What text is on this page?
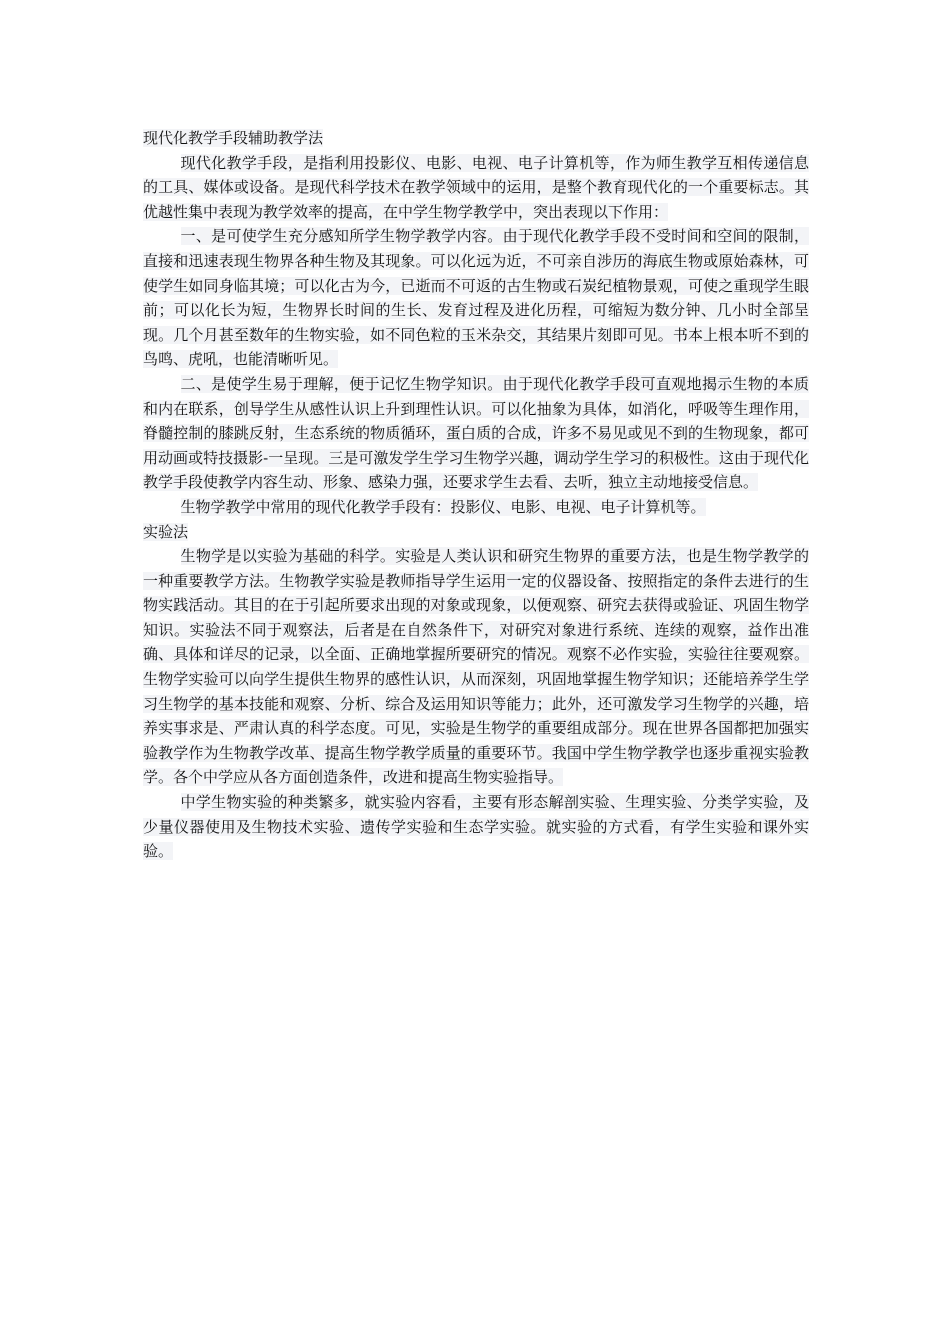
现代化教学手段辅助教学法

现代化教学手段，是指利用投影仪、电影、电视、电子计算机等，作为师生教学互相传递信息的工具、媒体或设备。是现代科学技术在教学领域中的运用，是整个教育现代化的一个重要标志。其优越性集中表现为教学效率的提高，在中学生物学教学中，突出表现以下作用：

一、是可使学生充分感知所学生物学教学内容。由于现代化教学手段不受时间和空间的限制，直接和迅速表现生物界各种生物及其现象。可以化远为近，不可亲自涉历的海底生物或原始森林，可使学生如同身临其境；可以化古为今，已逝而不可返的古生物或石炭纪植物景观，可使之重现学生眼前；可以化长为短，生物界长时间的生长、发育过程及进化历程，可缩短为数分钟、几小时全部呈现。几个月甚至数年的生物实验，如不同色粒的玉米杂交，其结果片刻即可见。书本上根本听不到的鸟鸣、虎吼，也能清晰听见。

二、是使学生易于理解，便于记忆生物学知识。由于现代化教学手段可直观地揭示生物的本质和内在联系，创导学生从感性认识上升到理性认识。可以化抽象为具体，如消化，呼吸等生理作用，脊髓控制的膝跳反射，生态系统的物质循环，蛋白质的合成，许多不易见或见不到的生物现象，都可用动画或特技摄影-一呈现。三是可激发学生学习生物学兴趣，调动学生学习的积极性。这由于现代化教学手段使教学内容生动、形象、感染力强，还要求学生去看、去听，独立主动地接受信息。

生物学教学中常用的现代化教学手段有：投影仪、电影、电视、电子计算机等。

实验法

生物学是以实验为基础的科学。实验是人类认识和研究生物界的重要方法，也是生物学教学的一种重要教学方法。生物教学实验是教师指导学生运用一定的仪器设备、按照指定的条件去进行的生物实践活动。其目的在于引起所要求出现的对象或现象，以便观察、研究去获得或验证、巩固生物学知识。实验法不同于观察法，后者是在自然条件下，对研究对象进行系统、连续的观察，益作出准确、具体和详尽的记录，以全面、正确地掌握所要研究的情况。观察不必作实验，实验往往要观察。生物学实验可以向学生提供生物界的感性认识，从而深刻，巩固地掌握生物学知识；还能培养学生学习生物学的基本技能和观察、分析、综合及运用知识等能力；此外，还可激发学习生物学的兴趣，培养实事求是、严肃认真的科学态度。可见，实验是生物学的重要组成部分。现在世界各国都把加强实验教学作为生物教学改革、提高生物学教学质量的重要环节。我国中学生物学教学也逐步重视实验教学。各个中学应从各方面创造条件，改进和提高生物实验指导。

中学生物实验的种类繁多，就实验内容看，主要有形态解剖实验、生理实验、分类学实验，及少量仪器使用及生物技术实验、遗传学实验和生态学实验。就实验的方式看，有学生实验和课外实验。
